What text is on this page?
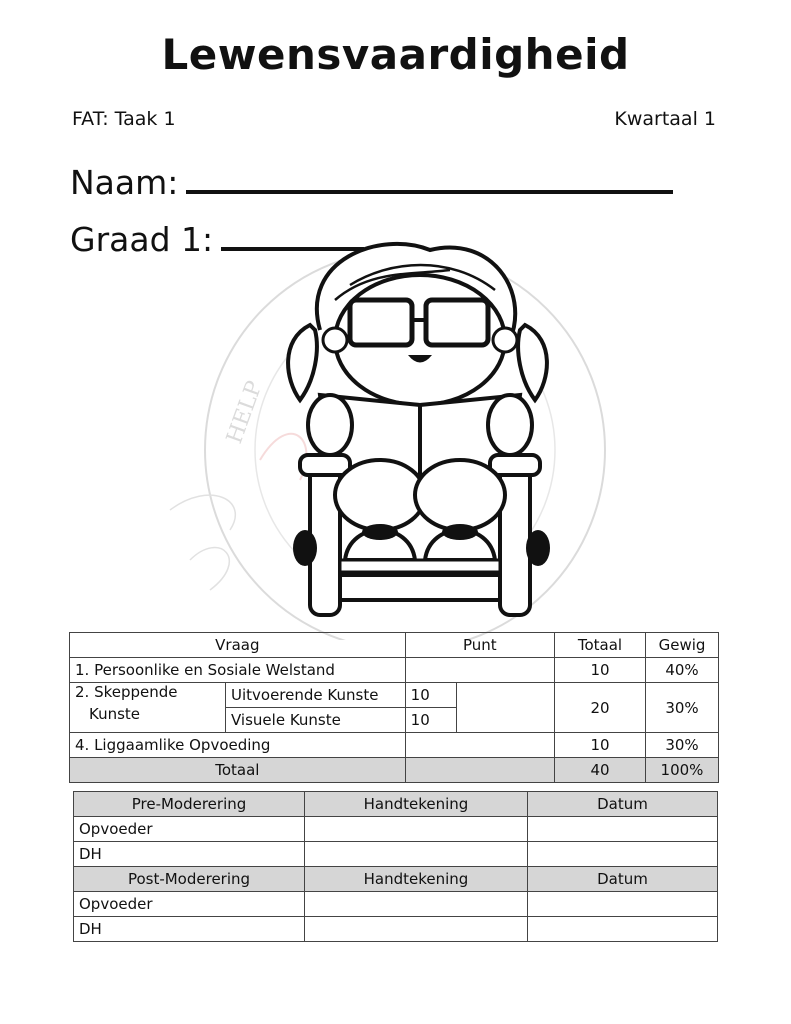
Lewensvaardigheid
FAT: Taak 1	Kwartaal 1
Naam:
Graad 1:
HELP
Vraag		Punt		Totaal	Gewig
1. Persoonlike en Sosiale Welstand				10	40%

2. Skeppende
Kunste	Uitvoerende Kunste	10		20	30%
	Visuele Kunste	10			
4. Liggaamlike Opvoeding				10	30%
Totaal				40	100%
Pre-Moderering	Handtekening	Datum
Opvoeder		
DH		
Post-Moderering	Handtekening	Datum
Opvoeder		
DH		
